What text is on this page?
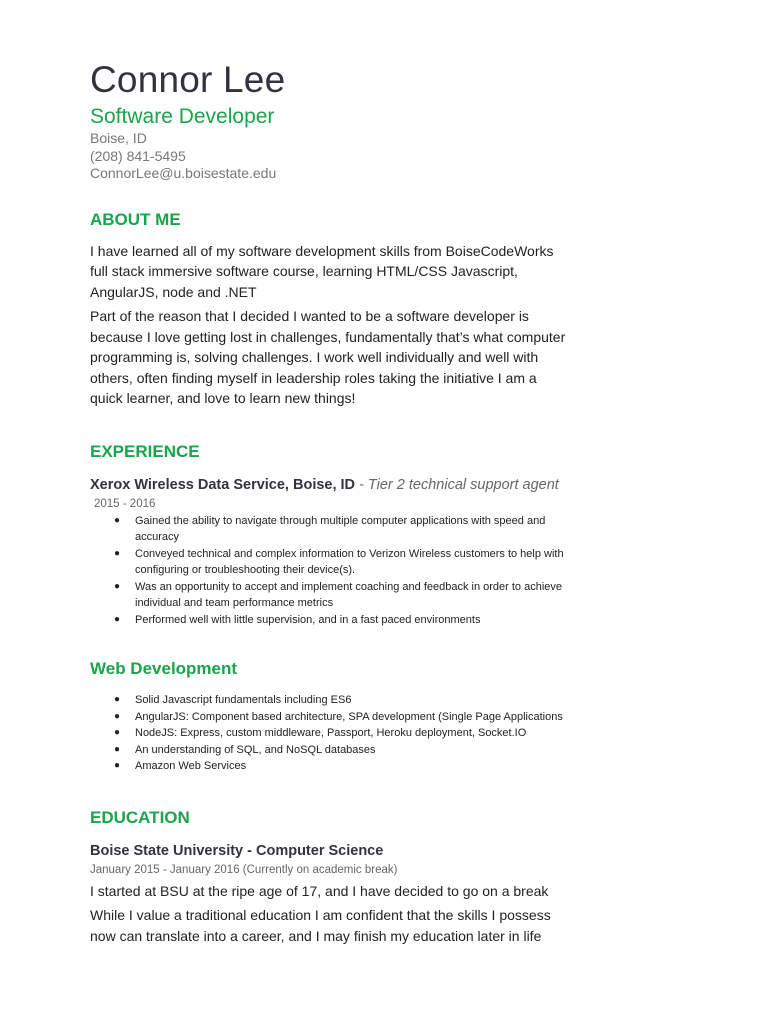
Connor Lee
Software Developer
Boise, ID
(208) 841-5495
ConnorLee@u.boisestate.edu
ABOUT ME

I have learned all of my software development skills from BoiseCodeWorks full stack immersive software course, learning HTML/CSS Javascript, AngularJS, node and .NET

Part of the reason that I decided I wanted to be a software developer is because I love getting lost in challenges, fundamentally that’s what computer programming is, solving challenges. I work well individually and well with others, often finding myself in leadership roles taking the initiative I am a quick learner, and love to learn new things!

EXPERIENCE
Xerox Wireless Data Service, Boise, ID - Tier 2 technical support agent
2015 - 2016
● Gained the ability to navigate through multiple computer applications with speed and accuracy
● Conveyed technical and complex information to Verizon Wireless customers to help with configuring or troubleshooting their device(s).
● Was an opportunity to accept and implement coaching and feedback in order to achieve individual and team performance metrics
● Performed well with little supervision, and in a fast paced environments
Web Development
● Solid Javascript fundamentals including ES6
● AngularJS: Component based architecture, SPA development (Single Page Applications
● NodeJS: Express, custom middleware, Passport, Heroku deployment, Socket.IO
● An understanding of SQL, and NoSQL databases
● Amazon Web Services
EDUCATION
Boise State University - Computer Science
January 2015 - January 2016 (Currently on academic break)

I started at BSU at the ripe age of 17, and I have decided to go on a break

While I value a traditional education I am confident that the skills I possess now can translate into a career, and I may finish my education later in life
